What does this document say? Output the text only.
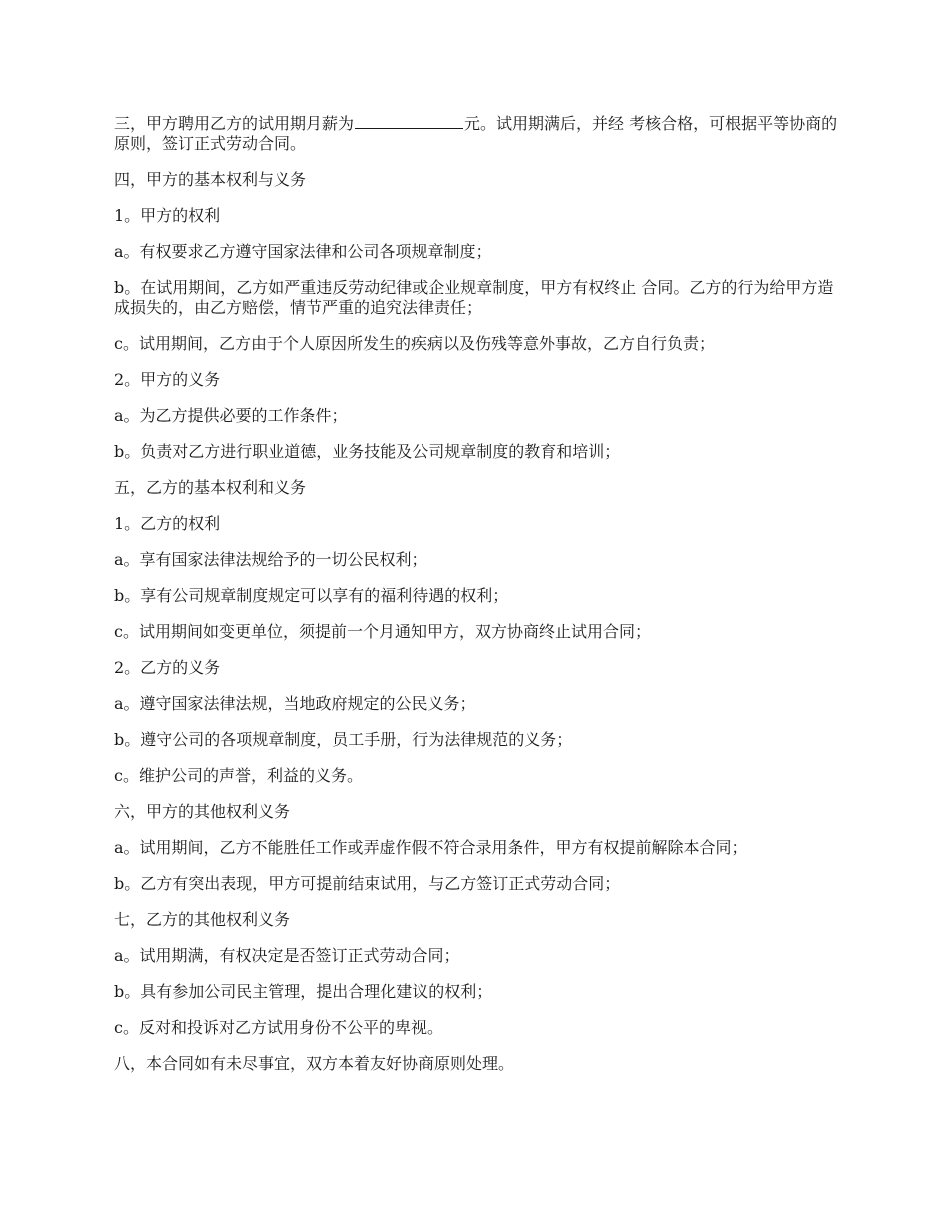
三，甲方聘用乙方的试用期月薪为	元。试用期满后，并经 考核合格，可根据平等协商的原则，签订正式劳动合同。

四，甲方的基本权利与义务

1。甲方的权利

a。有权要求乙方遵守国家法律和公司各项规章制度；

b。在试用期间，乙方如严重违反劳动纪律或企业规章制度，甲方有权终止 合同。乙方的行为给甲方造成损失的，由乙方赔偿，情节严重的追究法律责任；

c。试用期间，乙方由于个人原因所发生的疾病以及伤残等意外事故，乙方自行负责；

2。甲方的义务

a。为乙方提供必要的工作条件；

b。负责对乙方进行职业道德，业务技能及公司规章制度的教育和培训；

五，乙方的基本权利和义务

1。乙方的权利

a。享有国家法律法规给予的一切公民权利；

b。享有公司规章制度规定可以享有的福利待遇的权利；

c。试用期间如变更单位，须提前一个月通知甲方，双方协商终止试用合同；

2。乙方的义务

a。遵守国家法律法规，当地政府规定的公民义务；

b。遵守公司的各项规章制度，员工手册，行为法律规范的义务；

c。维护公司的声誉，利益的义务。

六，甲方的其他权利义务

a。试用期间，乙方不能胜任工作或弄虚作假不符合录用条件，甲方有权提前解除本合同；

b。乙方有突出表现，甲方可提前结束试用，与乙方签订正式劳动合同；

七，乙方的其他权利义务

a。试用期满，有权决定是否签订正式劳动合同；

b。具有参加公司民主管理，提出合理化建议的权利；

c。反对和投诉对乙方试用身份不公平的卑视。

八，本合同如有未尽事宜，双方本着友好协商原则处理。
